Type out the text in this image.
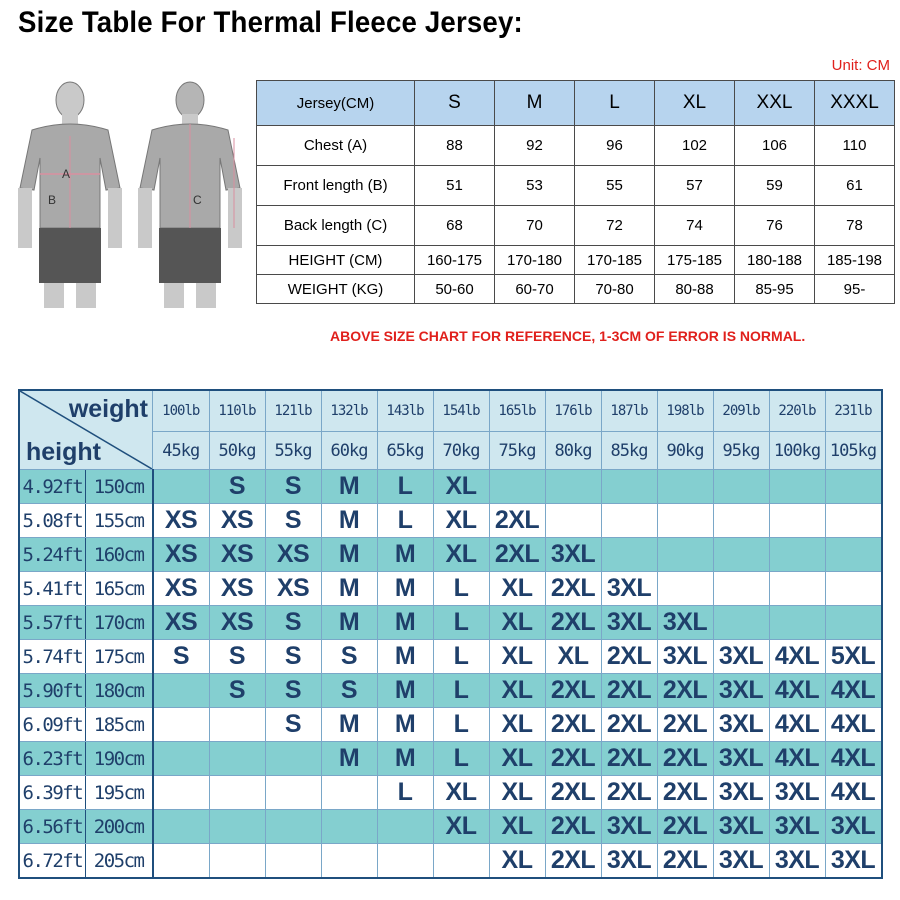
Size Table For Thermal Fleece Jersey:
Unit: CM
A
B	C
Jersey(CM)	S	M	L	XL	XXL	XXXL
Chest (A)	88	92	96	102	106	110
Front length (B)	51	53	55	57	59	61
Back length (C)	68	70	72	74	76	78
HEIGHT (CM)	160-175	170-180	170-185	175-185	180-188	185-198
WEIGHT (KG)	50-60	60-70	70-80	80-88	85-95	95-
ABOVE SIZE CHART FOR REFERENCE, 1-3CM OF ERROR IS NORMAL.
weight
height		100lb	110lb	121lb	132lb	143lb	154lb	165lb	176lb	187lb	198lb	209lb	220lb	231lb
		45kg	50kg	55kg	60kg	65kg	70kg	75kg	80kg	85kg	90kg	95kg	100kg	105kg
4.92ft	150cm		S	S	M	L	XL							
5.08ft	155cm	XS	XS	S	M	L	XL	2XL						
5.24ft	160cm	XS	XS	XS	M	M	XL	2XL	3XL					
5.41ft	165cm	XS	XS	XS	M	M	L	XL	2XL	3XL				
5.57ft	170cm	XS	XS	S	M	M	L	XL	2XL	3XL	3XL			
5.74ft	175cm	S	S	S	S	M	L	XL	XL	2XL	3XL	3XL	4XL	5XL
5.90ft	180cm		S	S	S	M	L	XL	2XL	2XL	2XL	3XL	4XL	4XL
6.09ft	185cm			S	M	M	L	XL	2XL	2XL	2XL	3XL	4XL	4XL
6.23ft	190cm				M	M	L	XL	2XL	2XL	2XL	3XL	4XL	4XL
6.39ft	195cm					L	XL	XL	2XL	2XL	2XL	3XL	3XL	4XL
6.56ft	200cm						XL	XL	2XL	3XL	2XL	3XL	3XL	3XL
6.72ft	205cm							XL	2XL	3XL	2XL	3XL	3XL	3XL
